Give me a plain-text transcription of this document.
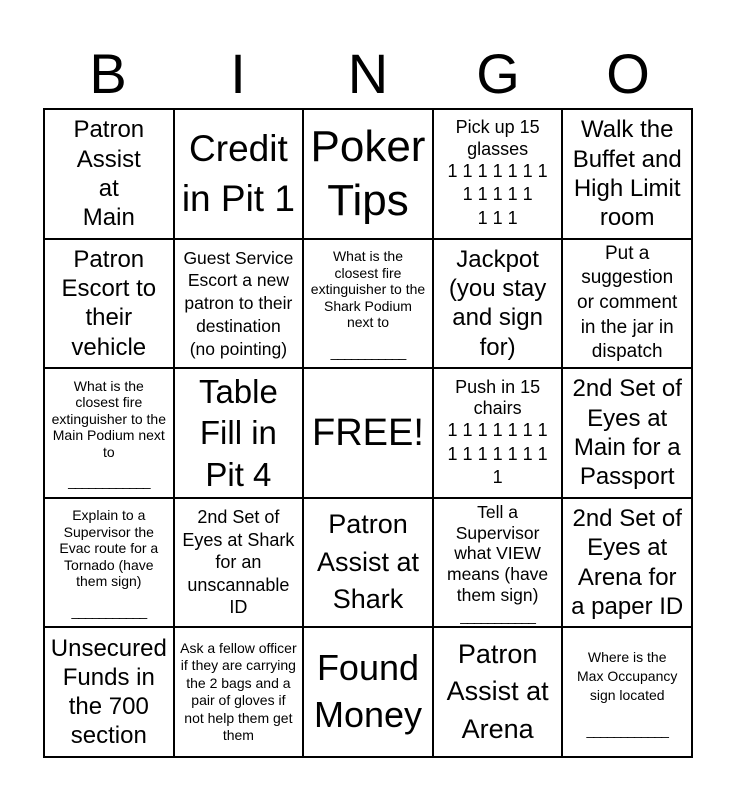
B	I	N	G	O
Patron
Assist
at
Main
Credit
in Pit 1
Poker
Tips
Pick up 15
glasses
1 1 1 1 1 1 1
1 1 1 1 1
1 1 1
Walk the
Buffet and
High Limit
room
Patron
Escort to
their
vehicle
Guest Service
Escort a new
patron to their
destination
(no pointing)
What is the
closest fire
extinguisher to the
Shark Podium
next to
___________
Jackpot
(you stay
and sign
for)
Put a
suggestion
or comment
in the jar in
dispatch
What is the
closest fire
extinguisher to the
Main Podium next
to
____________
Table
Fill in
Pit 4
FREE!
Push in 15
chairs
1 1 1 1 1 1 1
1 1 1 1 1 1 1
1
2nd Set of
Eyes at
Main for a
Passport
Explain to a
Supervisor the
Evac route for a
Tornado (have
them sign)
___________
2nd Set of
Eyes at Shark
for an
unscannable
ID
Patron
Assist at
Shark
Tell a
Supervisor
what VIEW
means (have
them sign)
___________
2nd Set of
Eyes at
Arena for
a paper ID
Unsecured
Funds in
the 700
section
Ask a fellow officer
if they are carrying
the 2 bags and a
pair of gloves if
not help them get
them
Found
Money
Patron
Assist at
Arena
Where is the
Max Occupancy
sign located
____________
